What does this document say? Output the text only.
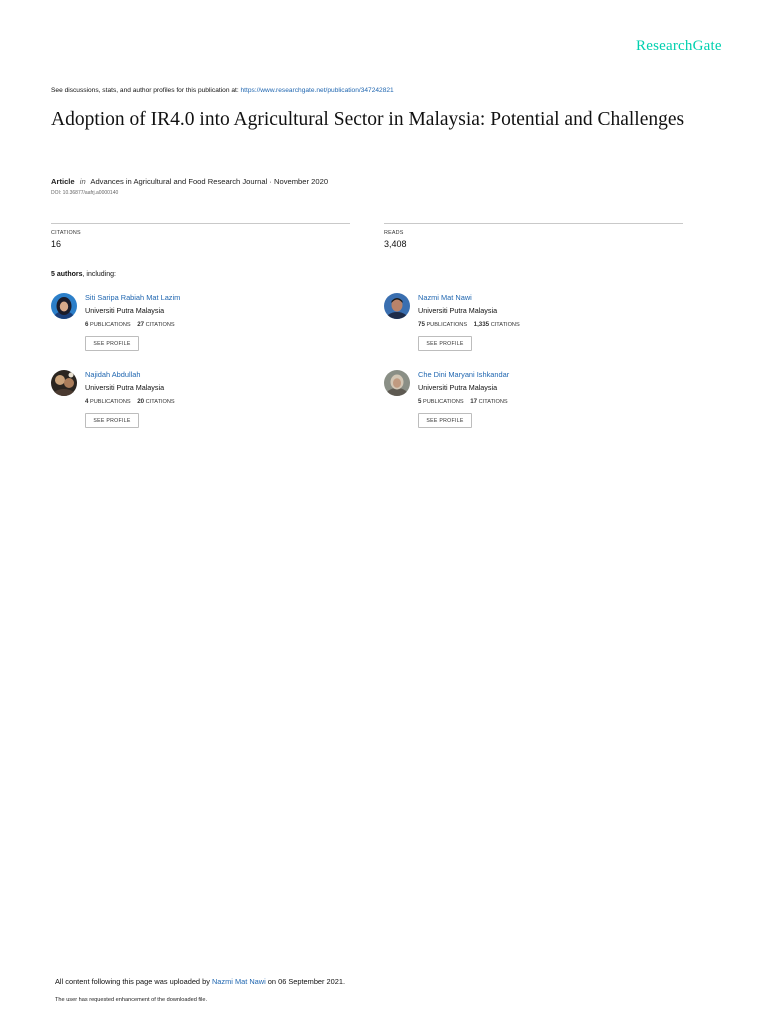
ResearchGate
See discussions, stats, and author profiles for this publication at: https://www.researchgate.net/publication/347242821
Adoption of IR4.0 into Agricultural Sector in Malaysia: Potential and Challenges
Article in Advances in Agricultural and Food Research Journal · November 2020
DOI: 10.36877/aafrj.a0000140
CITATIONS
16
READS
3,408
5 authors, including:
Siti Saripa Rabiah Mat Lazim
Universiti Putra Malaysia
6 PUBLICATIONS 27 CITATIONS
SEE PROFILE
Nazmi Mat Nawi
Universiti Putra Malaysia
75 PUBLICATIONS 1,335 CITATIONS
SEE PROFILE
Najidah Abdullah
Universiti Putra Malaysia
4 PUBLICATIONS 20 CITATIONS
SEE PROFILE
Che Dini Maryani Ishkandar
Universiti Putra Malaysia
5 PUBLICATIONS 17 CITATIONS
SEE PROFILE
All content following this page was uploaded by Nazmi Mat Nawi on 06 September 2021.
The user has requested enhancement of the downloaded file.
